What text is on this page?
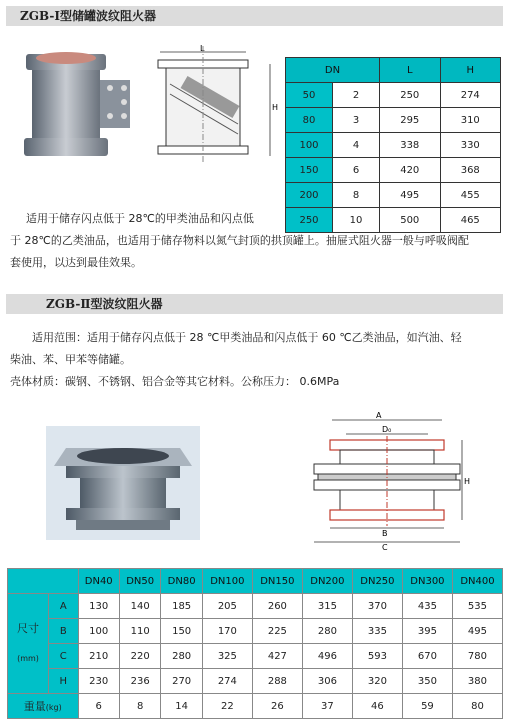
ZGB-Ⅰ型储罐波纹阻火器
L
H
DN		L	H
50	2	250	274
80	3	295	310
100	4	338	330
150	6	420	368
200	8	495	455
250	10	500	465
适用于储存闪点低于 28℃的甲类油品和闪点低
于 28℃的乙类油品，也适用于储存物料以氮气封顶的拱顶罐上。抽屉式阻火器一般与呼吸阀配
套使用，以达到最佳效果。
ZGB-Ⅱ型波纹阻火器
适用范围：适用于储存闪点低于 28 ℃甲类油品和闪点低于 60 ℃乙类油品，如汽油、轻
柴油、苯、甲苯等储罐。
壳体材质：碳钢、不锈钢、铝合金等其它材料。公称压力： 0.6MPa
A
D₀
H
B
C
		DN40	DN50	DN80	DN100	DN150	DN200	DN250	DN300	DN400

尺寸
(mm)	A	130	140	185	205	260	315	370	435	535
	B	100	110	150	170	225	280	335	395	495
	C	210	220	280	325	427	496	593	670	780
	H	230	236	270	274	288	306	320	350	380
重量(kg)		6	8	14	22	26	37	46	59	80
